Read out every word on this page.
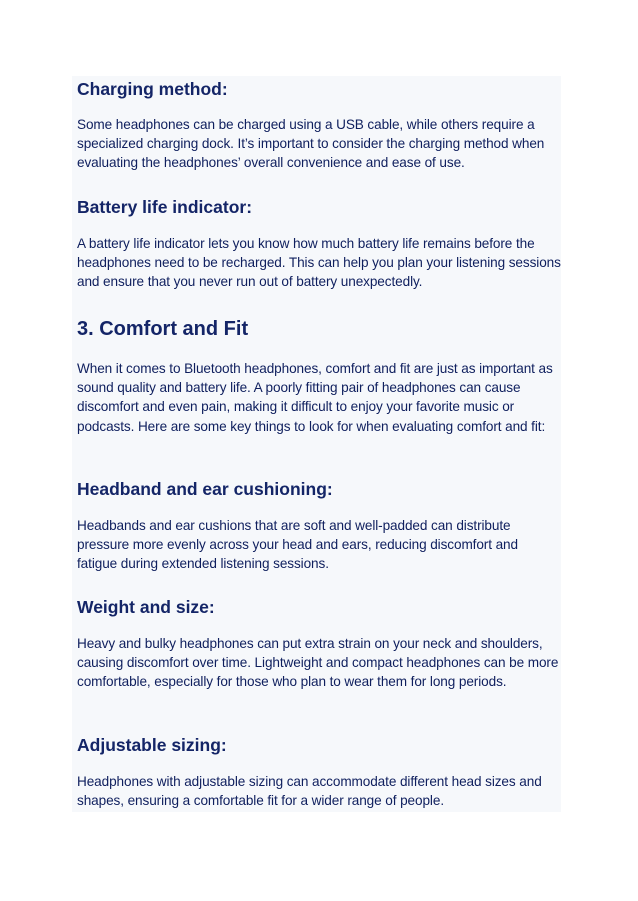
Charging method:

Some headphones can be charged using a USB cable, while others require a specialized charging dock. It’s important to consider the charging method when evaluating the headphones’ overall convenience and ease of use.

Battery life indicator:

A battery life indicator lets you know how much battery life remains before the headphones need to be recharged. This can help you plan your listening sessions and ensure that you never run out of battery unexpectedly.

3. Comfort and Fit

When it comes to Bluetooth headphones, comfort and fit are just as important as sound quality and battery life. A poorly fitting pair of headphones can cause discomfort and even pain, making it difficult to enjoy your favorite music or podcasts. Here are some key things to look for when evaluating comfort and fit:

Headband and ear cushioning:

Headbands and ear cushions that are soft and well-padded can distribute pressure more evenly across your head and ears, reducing discomfort and fatigue during extended listening sessions.

Weight and size:

Heavy and bulky headphones can put extra strain on your neck and shoulders, causing discomfort over time. Lightweight and compact headphones can be more comfortable, especially for those who plan to wear them for long periods.

Adjustable sizing:

Headphones with adjustable sizing can accommodate different head sizes and shapes, ensuring a comfortable fit for a wider range of people.
